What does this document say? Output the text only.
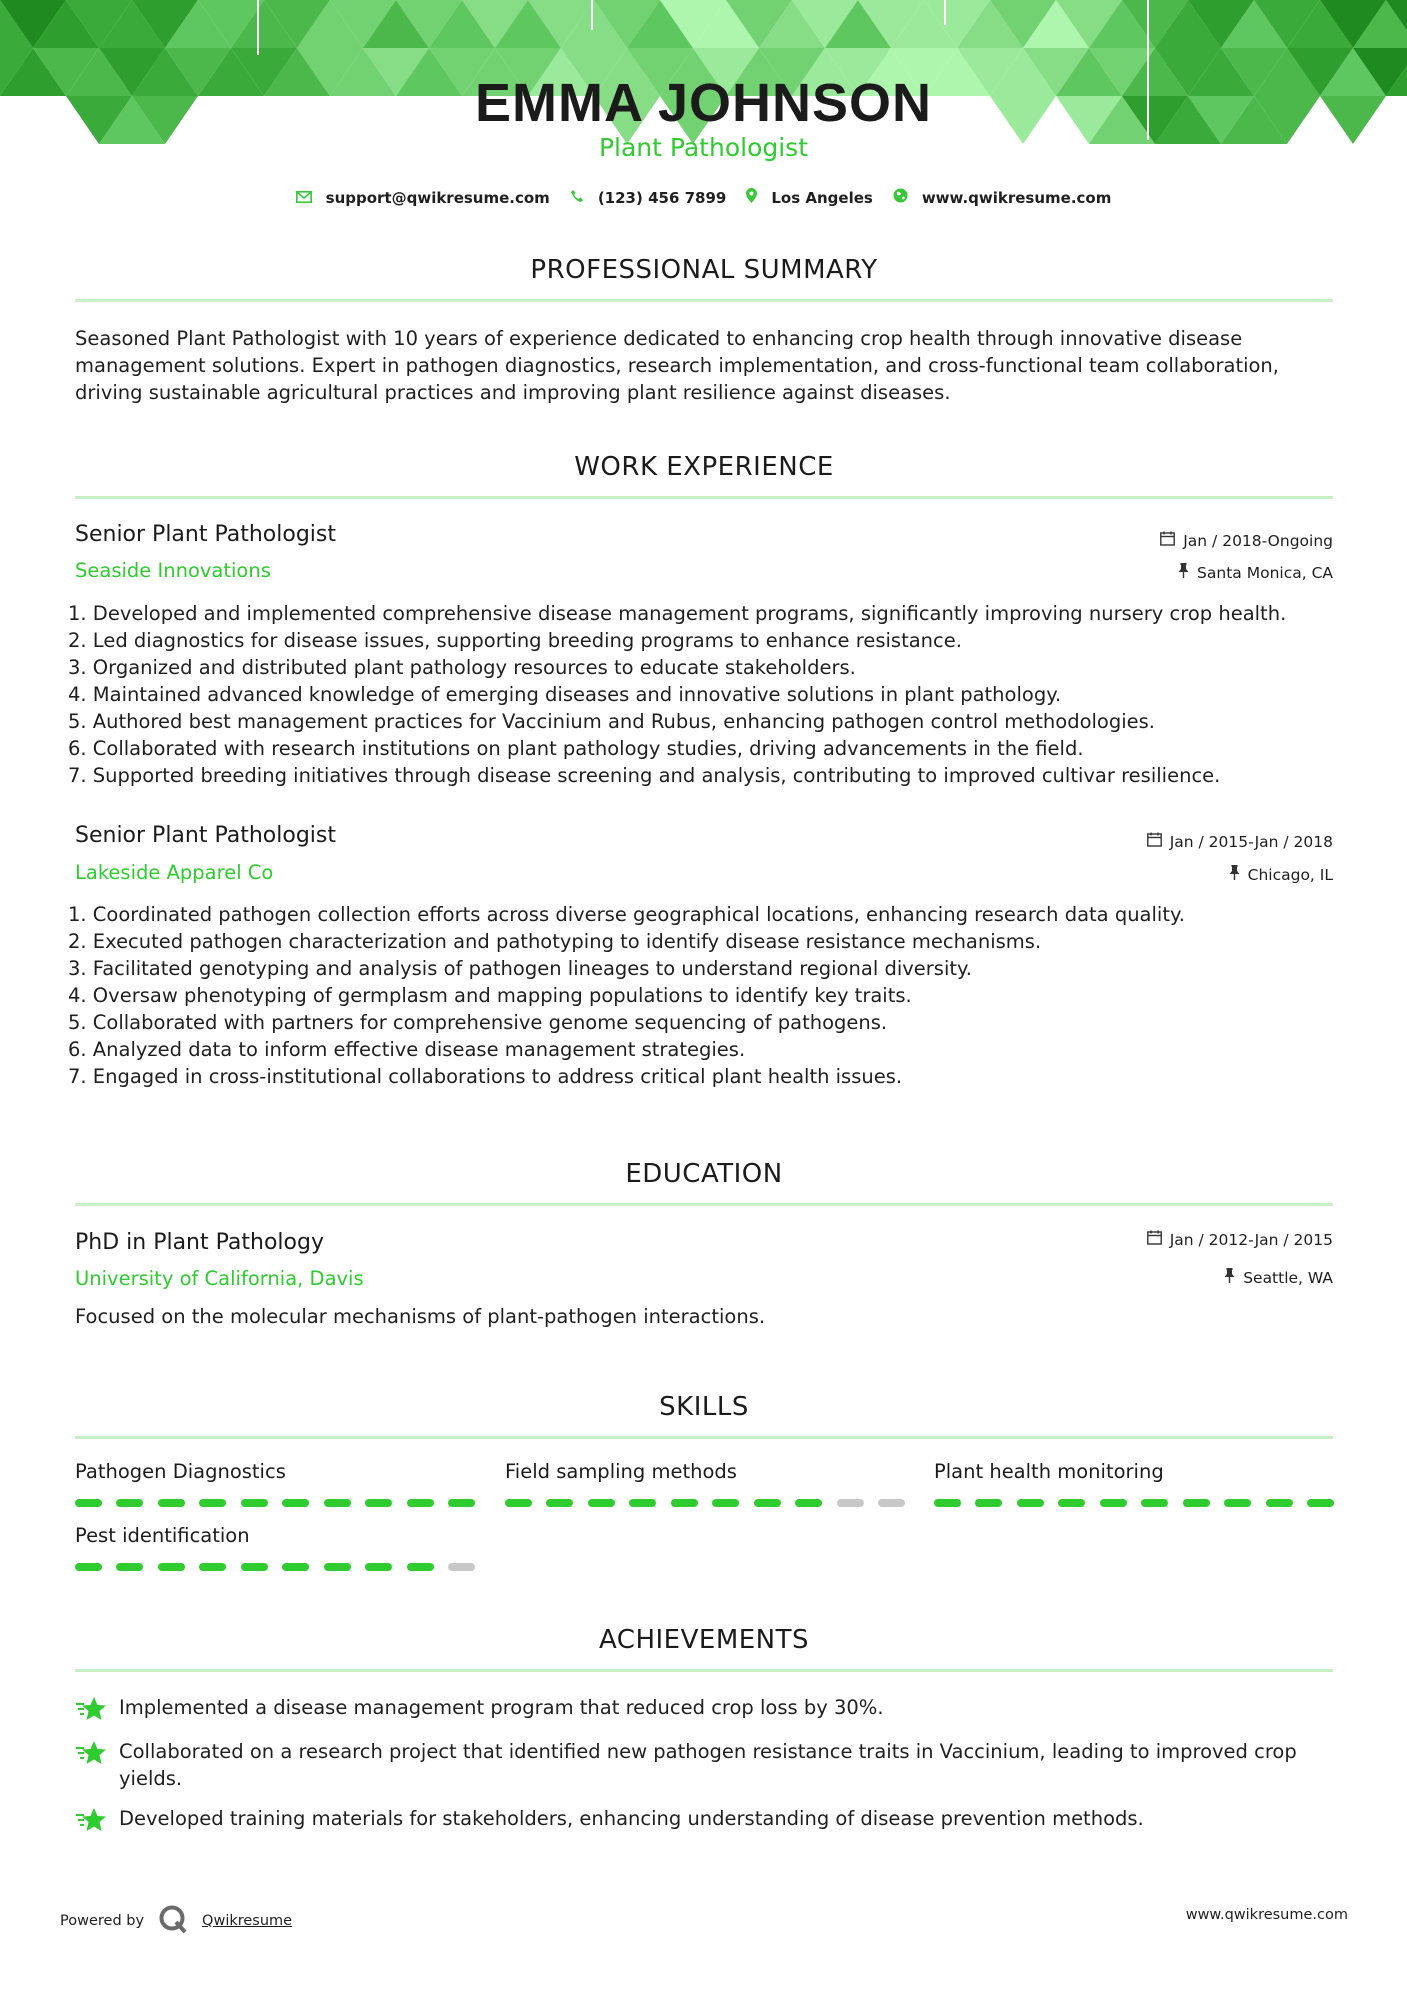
EMMA JOHNSON
Plant Pathologist
support@qwikresume.com	(123) 456 7899	Los Angeles	www.qwikresume.com
PROFESSIONAL SUMMARY
Seasoned Plant Pathologist with 10 years of experience dedicated to enhancing crop health through innovative disease management solutions. Expert in pathogen diagnostics, research implementation, and cross-functional team collaboration, driving sustainable agricultural practices and improving plant resilience against diseases.
WORK EXPERIENCE
Senior Plant Pathologist
Seaside Innovations
Jan / 2018-Ongoing
Santa Monica, CA
1. Developed and implemented comprehensive disease management programs, significantly improving nursery crop health.
2. Led diagnostics for disease issues, supporting breeding programs to enhance resistance.
3. Organized and distributed plant pathology resources to educate stakeholders.
4. Maintained advanced knowledge of emerging diseases and innovative solutions in plant pathology.
5. Authored best management practices for Vaccinium and Rubus, enhancing pathogen control methodologies.
6. Collaborated with research institutions on plant pathology studies, driving advancements in the field.
7. Supported breeding initiatives through disease screening and analysis, contributing to improved cultivar resilience.
Senior Plant Pathologist
Lakeside Apparel Co
Jan / 2015-Jan / 2018
Chicago, IL
1. Coordinated pathogen collection efforts across diverse geographical locations, enhancing research data quality.
2. Executed pathogen characterization and pathotyping to identify disease resistance mechanisms.
3. Facilitated genotyping and analysis of pathogen lineages to understand regional diversity.
4. Oversaw phenotyping of germplasm and mapping populations to identify key traits.
5. Collaborated with partners for comprehensive genome sequencing of pathogens.
6. Analyzed data to inform effective disease management strategies.
7. Engaged in cross-institutional collaborations to address critical plant health issues.
EDUCATION
PhD in Plant Pathology
University of California, Davis
Jan / 2012-Jan / 2015
Seattle, WA
Focused on the molecular mechanisms of plant-pathogen interactions.
SKILLS
Pathogen Diagnostics	Field sampling methods	Plant health monitoring
Pest identification
ACHIEVEMENTS
Implemented a disease management program that reduced crop loss by 30%.
Collaborated on a research project that identified new pathogen resistance traits in Vaccinium, leading to improved crop yields.
Developed training materials for stakeholders, enhancing understanding of disease prevention methods.
Powered by	Qwikresume	www.qwikresume.com
